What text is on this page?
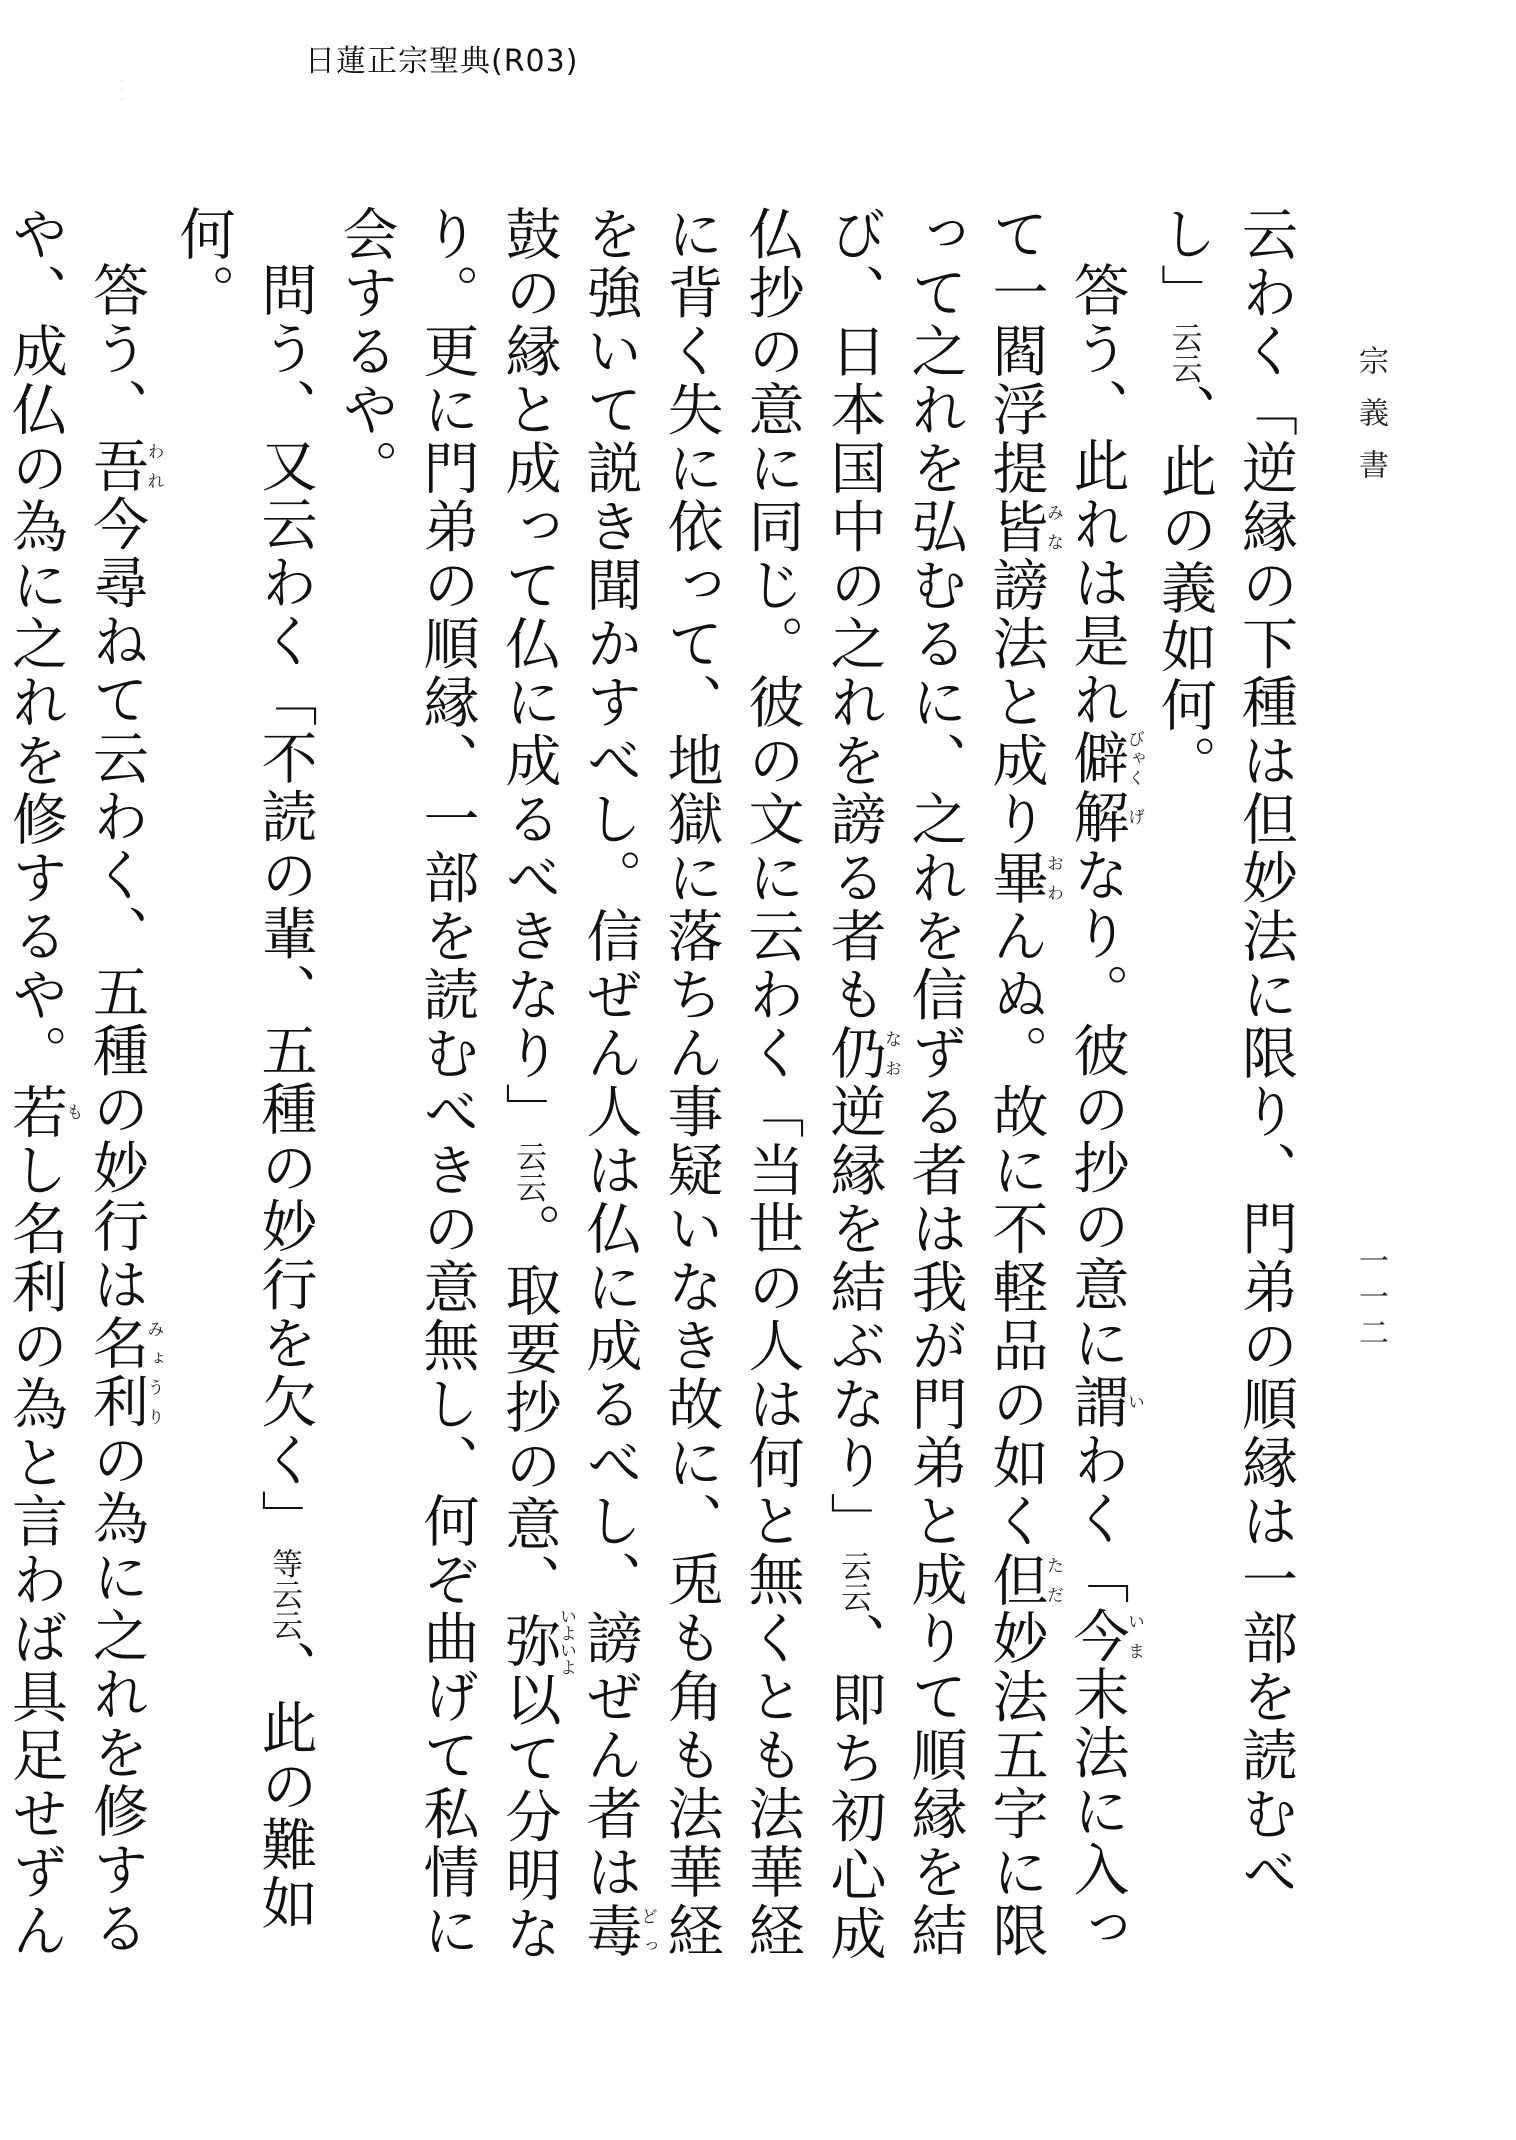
日蓮正宗聖典(R03)
·
·
·
宗義書
一一二

云わく「逆縁の下種は但妙法に限り、門弟の順縁は一部を読むべし」云云、此の義如何。

答う、此れは是れ僻びゃく解げなり。彼の抄の意に謂いわく「今いま末法に入って一閻浮提皆みな謗法と成り畢おわんぬ。故に不軽品の如く但ただ妙法五字に限って之れを弘むるに、之れを信ずる者は我が門弟と成りて順縁を結び、日本国中の之れを謗る者も仍なお逆縁を結ぶなり」云云、即ち初心成仏抄の意に同じ。彼の文に云わく「当世の人は何と無くとも法華経に背く失に依って、地獄に落ちん事疑いなき故に、兎も角も法華経を強いて説き聞かすべし。信ぜん人は仏に成るべし、謗ぜん者は毒どっ鼓の縁と成って仏に成るべきなり」云云。取要抄の意、弥いよいよ以て分明なり。更に門弟の順縁、一部を読むべきの意無し、何ぞ曲げて私情に会するや。

問う、又云わく「不読の輩、五種の妙行を欠く」等云云、此の難如何。

答う、吾われ今尋ねて云わく、五種の妙行は名利みょうりの為に之れを修するや、成仏の為に之れを修するや。若もし名利の為と言わば具足せずん
